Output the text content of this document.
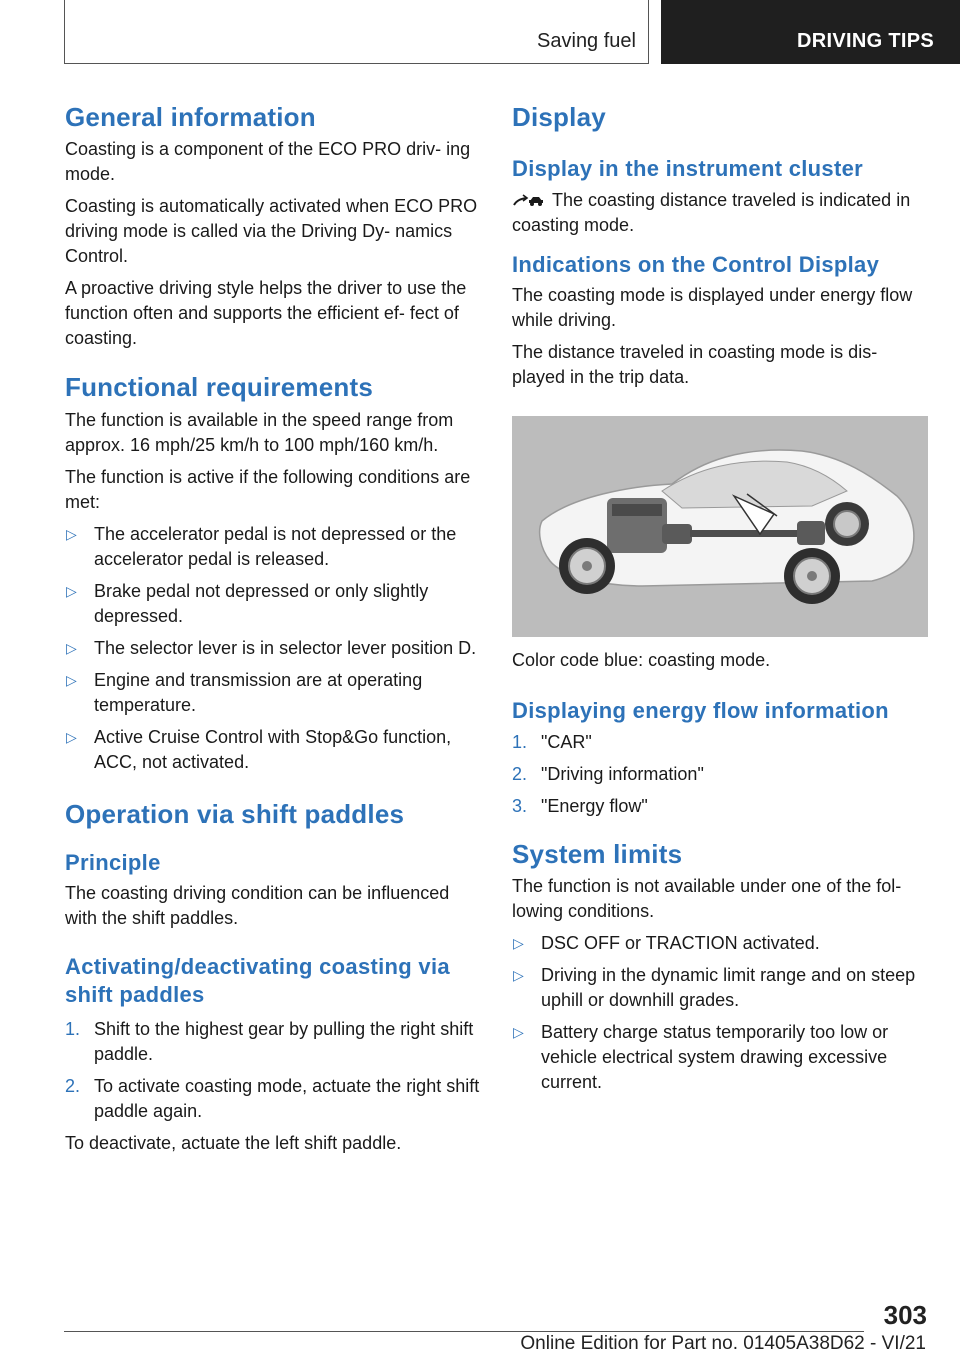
Saving fuel	DRIVING TIPS
General information

Coasting is a component of the ECO PRO driv‐ ing mode.

Coasting is automatically activated when ECO PRO driving mode is called via the Driving Dy‐ namics Control.

A proactive driving style helps the driver to use the function often and supports the efficient ef‐ fect of coasting.

Functional requirements

The function is available in the speed range from approx. 16 mph/25 km/h to 100 mph/160 km/h.

The function is active if the following conditions are met:

▷ The accelerator pedal is not depressed or the accelerator pedal is released.
▷ Brake pedal not depressed or only slightly depressed.
▷ The selector lever is in selector lever position D.
▷ Engine and transmission are at operating temperature.
▷ Active Cruise Control with Stop&Go function, ACC, not activated.
Operation via shift paddles
Principle

The coasting driving condition can be influenced with the shift paddles.

Activating/deactivating coasting via shift paddles
1. Shift to the highest gear by pulling the right shift paddle.
2. To activate coasting mode, actuate the right shift paddle again.

To deactivate, actuate the left shift paddle.

Display
Display in the instrument cluster

The coasting distance traveled is indicated in coasting mode.

Indications on the Control Display

The coasting mode is displayed under energy flow while driving.

The distance traveled in coasting mode is dis‐ played in the trip data.

Color code blue: coasting mode.

Displaying energy flow information
1. "CAR"
2. "Driving information"
3. "Energy flow"
System limits

The function is not available under one of the fol‐ lowing conditions.

▷ DSC OFF or TRACTION activated.
▷ Driving in the dynamic limit range and on steep uphill or downhill grades.
▷ Battery charge status temporarily too low or vehicle electrical system drawing excessive current.
303
Online Edition for Part no. 01405A38D62 - VI/21
